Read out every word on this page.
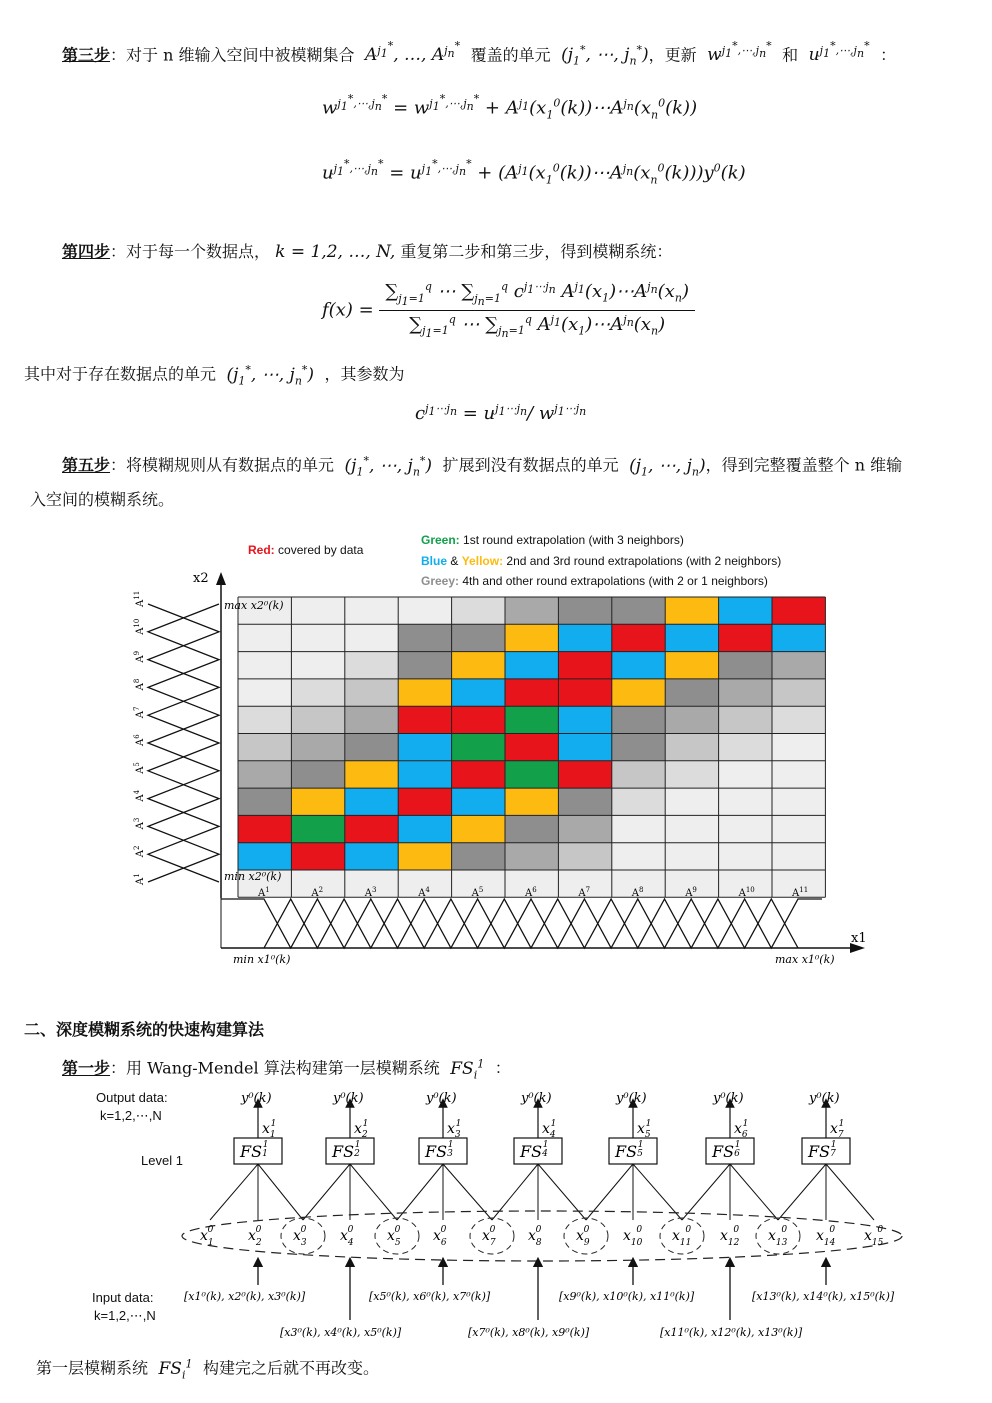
第三步：对于 n 维输入空间中被模糊集合  $A^{j_1^*}$, …, $A^{j_n^*}$ 覆盖的单元  ($j_1^*$, ⋯, $j_n^*$)，更新  $w^{j_1^*,\cdots,j_n^*}$ 和  $u^{j_1^*,\cdots,j_n^*}$ ：
$w^{j_1^*,\cdots,j_n^*} = w^{j_1^*,\cdots,j_n^*}$ + $A^{j_1}(x_1^0(k))\cdots A^{j_n}(x_n^0(k))$
$u^{j_1^*,\cdots,j_n^*} = u^{j_1^*,\cdots,j_n^*}$ + $(A^{j_1}(x_1^0(k))\cdots A^{j_n}(x_n^0(k)))y^0(k)$
第四步：对于每一个数据点， k = 1,2, …, N, 重复第二步和第三步，得到模糊系统：
$f(x) = \frac{\sum_{j_1=1}^q \cdots \sum_{j_n=1}^q c^{j_1\cdots j_n} A^{j_1}(x_1)\cdots A^{j_n}(x_n)}{\sum_{j_1=1}^q \cdots \sum_{j_n=1}^q A^{j_1}(x_1)\cdots A^{j_n}(x_n)}$
其中对于存在数据点的单元  ($j_1^*$, ⋯, $j_n^*$)  ，其参数为
$c^{j_1\cdots j_n} = u^{j_1\cdots j_n}/$ $w^{j_1\cdots j_n}$
第五步：将模糊规则从有数据点的单元  ($j_1^*$, ⋯, $j_n^*$)  扩展到没有数据点的单元  ($j_1$, ⋯, $j_n$)，得到完整覆盖整个 n 维输
入空间的模糊系统。
Red: covered by data
Green: 1st round extrapolation (with 3 neighbors)
Blue & Yellow: 2nd and 3rd round extrapolations (with 2 neighbors)
Greey: 4th and other round extrapolations (with 2 or 1 neighbors)
x2
x1
max x2⁰(k)
min x2⁰(k)
min x1⁰(k)	max x1⁰(k)
$A^1$
$A^2$
$A^3$
$A^4$
$A^5$
$A^6$
$A^7$
$A^8$
$A^9$
$A^{10}$
$A^{11}$
$A^1$	$A^2$	$A^3$	$A^4$	$A^5$	$A^6$	$A^7$	$A^8$	$A^9$	$A^{10}$	$A^{11}$
二、深度模糊系统的快速构建算法
第一步：用 Wang-Mendel 算法构建第一层模糊系统  $FS_i^1$ ：
Output data:
k=1,2,⋯,N
Level 1
Input data:
k=1,2,⋯,N
FS11
$x_11$
y⁰(k)
FS21
$x_21$
y⁰(k)
FS31
$x_31$
y⁰(k)
FS41
$x_41$
y⁰(k)
FS51
$x_51$
y⁰(k)
FS61
$x_61$
y⁰(k)
FS71
$x_71$
y⁰(k)
$x_10$ $x_20$ $x_30$ $x_40$ $x_50$ $x_60$	$x_70$ $x_80$ $x_90$ $x_{10}0$ $x_{11}0$ $x_{12}0$ $x_{13}0$ $x_{14}0$ $x_{15}0$
[x1⁰(k), x2⁰(k), x3⁰(k)]	[x5⁰(k), x6⁰(k), x7⁰(k)]	[x9⁰(k), x10⁰(k), x11⁰(k)]	[x13⁰(k), x14⁰(k), x15⁰(k)]
[x3⁰(k), x4⁰(k), x5⁰(k)]	[x7⁰(k), x8⁰(k), x9⁰(k)]	[x11⁰(k), x12⁰(k), x13⁰(k)]
第一层模糊系统  $FS_i^1$ 构建完之后就不再改变。
